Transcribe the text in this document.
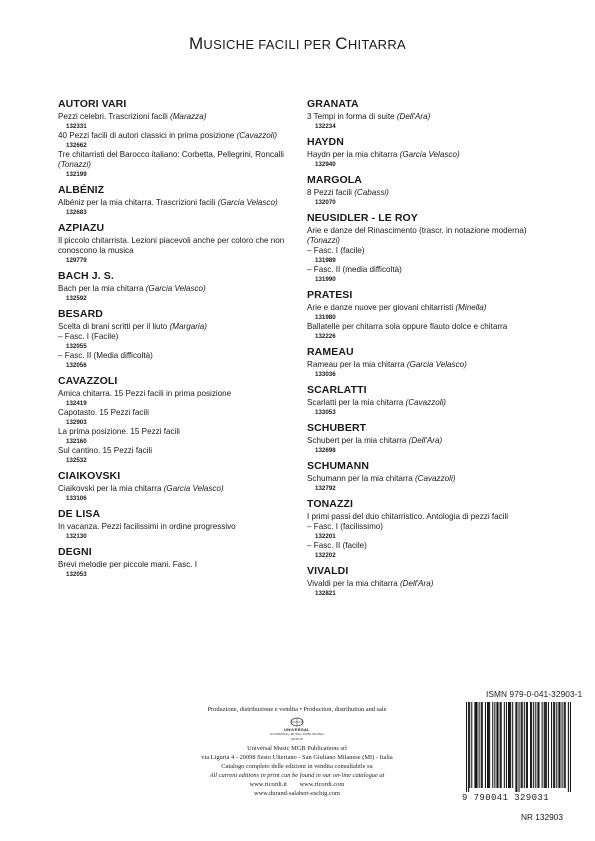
MUSICHE FACILI PER CHITARRA
AUTORI VARI
Pezzi celebri. Trascrizioni facili (Marazza)
132331
40 Pezzi facili di autori classici in prima posizione (Cavazzoli)
132662
Tre chitarristi del Barocco italiano: Corbetta, Pellegrini, Roncalli (Tonazzi)
132199
ALBÉNIZ
Albéniz per la mia chitarra. Trascrizioni facili (Garcia Velasco)
132683
AZPIAZU
Il piccolo chitarrista. Lezioni piacevoli anche per coloro che non conoscono la musica
129779
BACH J. S.
Bach per la mia chitarra (Garcia Velasco)
132592
BESARD
Scelta di brani scritti per il liuto (Margaria)
– Fasc. I (Facile)
132055
– Fasc. II (Media difficoltà)
132056
CAVAZZOLI
Amica chitarra. 15 Pezzi facili in prima posizione
132419
Capotasto. 15 Pezzi facili
132903
La prima posizione. 15 Pezzi facili
132160
Sul cantino. 15 Pezzi facili
132532
CIAIKOVSKI
Ciaikovski per la mia chitarra (Garcia Velasco)
133106
DE LISA
In vacanza. Pezzi facilissimi in ordine progressivo
132130
DEGNI
Brevi melodie per piccole mani. Fasc. I
132053
GRANATA
3 Tempi in forma di suite (Dell'Ara)
132234
HAYDN
Haydn per la mia chitarra (Garcia Velasco)
132940
MARGOLA
8 Pezzi facili (Cabassi)
132070
NEUSIDLER - LE ROY
Arie e danze del Rinascimento (trascr. in notazione moderna) (Tonazzi)
– Fasc. I (facile)
131989
– Fasc. II (media difficoltà)
131990
PRATESI
Arie e danze nuove per giovani chitarristi (Minella)
131980
Ballatelle per chitarra sola oppure flauto dolce e chitarra
132226
RAMEAU
Rameau per la mia chitarra (Garcia Velasco)
133036
SCARLATTI
Scarlatti per la mia chitarra (Cavazzoli)
133053
SCHUBERT
Schubert per la mia chitarra (Dell'Ara)
132698
SCHUMANN
Schumann per la mia chitarra (Cavazzoli)
132792
TONAZZI
I primi passi del duo chitarristico. Antologia di pezzi facili
– Fasc. I (facilissimo)
132201
– Fasc. II (facile)
132202
VIVALDI
Vivaldi per la mia chitarra (Dell'Ara)
132821
Produzione, distribuzione e vendita • Production, distribution and sale
UNIVERSAL
UNIVERSAL MUSIC PUBLISHING GROUP
Universal Music MGB Publications srl
via Liguria 4 - 20098 Sesto Ulteriano - San Giuliano Milanese (MI) - Italia
Catalogo completo delle edizioni in vendita consultabile su
All current editions in print can be found in our on-line catalogue at
www.ricordi.it        www.ricordi.com
www.durand-salabert-eschig.com
ISMN 979-0-041-32903-1
9 790041 329031
NR 132903
